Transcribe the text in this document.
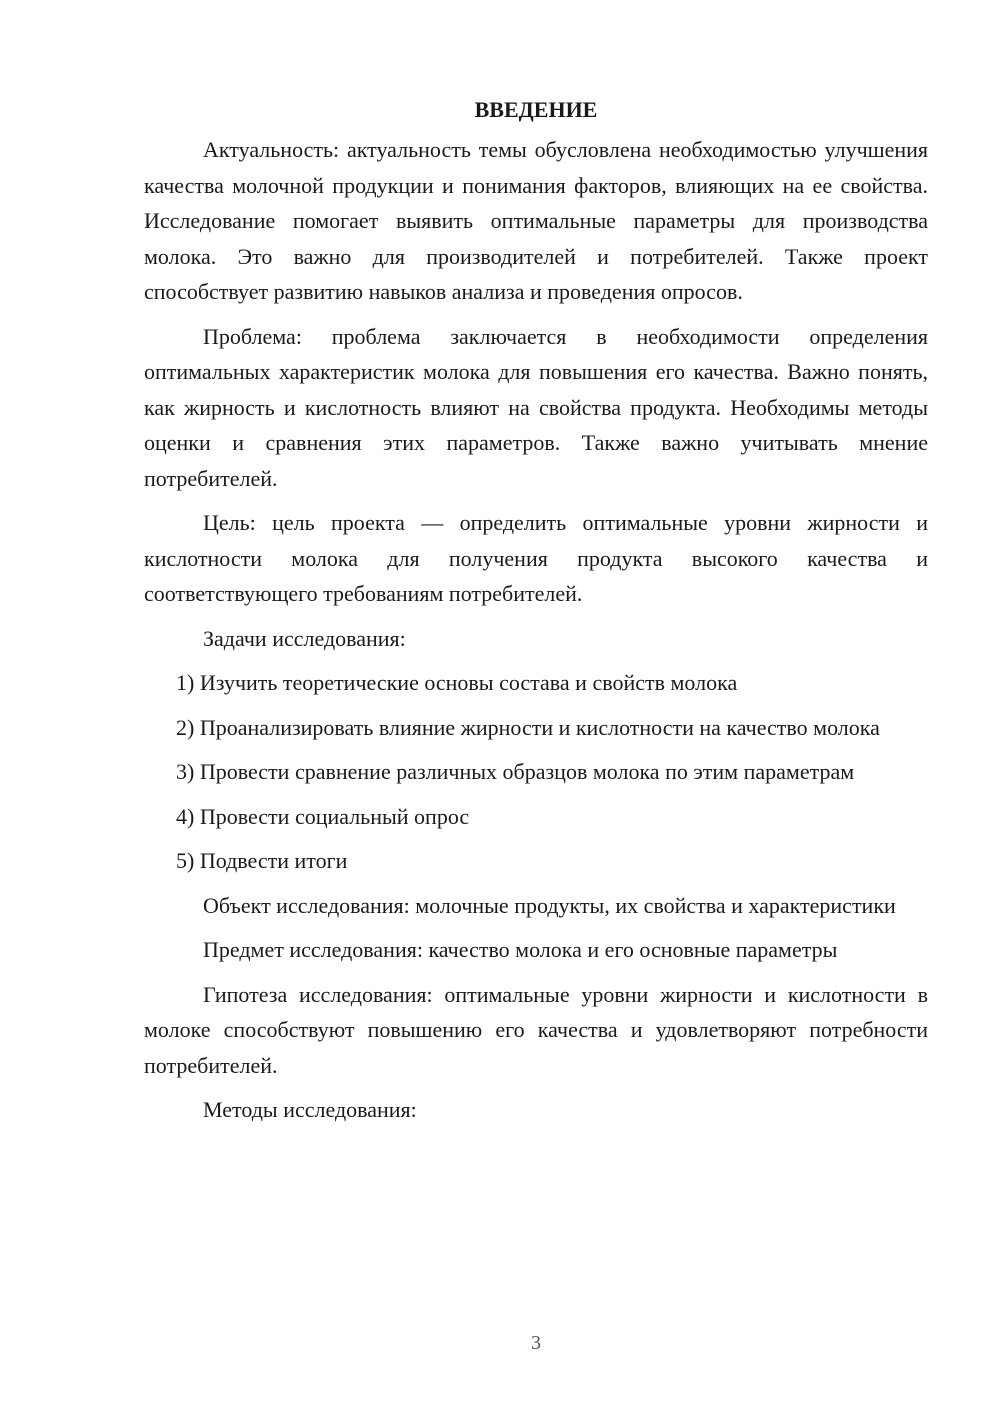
ВВЕДЕНИЕ

Актуальность: актуальность темы обусловлена необходимостью улучшения качества молочной продукции и понимания факторов, влияющих на ее свойства. Исследование помогает выявить оптимальные параметры для производства молока. Это важно для производителей и потребителей. Также проект способствует развитию навыков анализа и проведения опросов.

Проблема: проблема заключается в необходимости определения оптимальных характеристик молока для повышения его качества. Важно понять, как жирность и кислотность влияют на свойства продукта. Необходимы методы оценки и сравнения этих параметров. Также важно учитывать мнение потребителей.

Цель: цель проекта — определить оптимальные уровни жирности и кислотности молока для получения продукта высокого качества и соответствующего требованиям потребителей.

Задачи исследования:

1) Изучить теоретические основы состава и свойств молока

2) Проанализировать влияние жирности и кислотности на качество молока

3) Провести сравнение различных образцов молока по этим параметрам

4) Провести социальный опрос

5) Подвести итоги

Объект исследования: молочные продукты, их свойства и характеристики

Предмет исследования: качество молока и его основные параметры

Гипотеза исследования: оптимальные уровни жирности и кислотности в молоке способствуют повышению его качества и удовлетворяют потребности потребителей.

Методы исследования:

3
